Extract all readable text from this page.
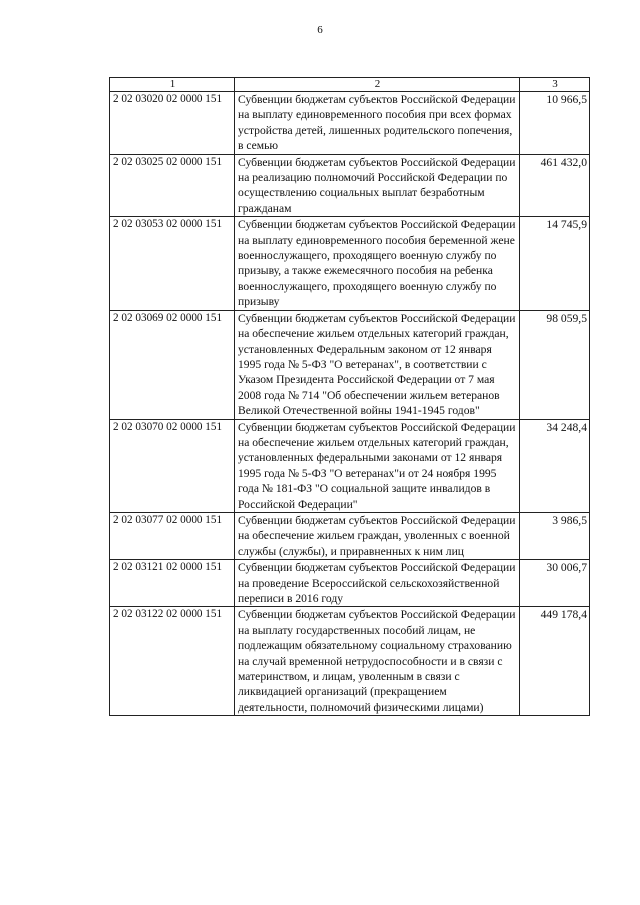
6
1	2	3
2 02 03020 02 0000 151	Субвенции бюджетам субъектов Российской Федерации на выплату единовременного пособия при всех формах устройства детей, лишенных родительского попечения, в семью	10 966,5
2 02 03025 02 0000 151	Субвенции бюджетам субъектов Российской Федерации на реализацию полномочий Российской Федерации по осуществлению социальных выплат безработным гражданам	461 432,0
2 02 03053 02 0000 151	Субвенции бюджетам субъектов Российской Федерации на выплату единовременного пособия беременной жене военнослужащего, проходящего военную службу по призыву, а также ежемесячного пособия на ребенка военнослужащего, проходящего военную службу по призыву	14 745,9
2 02 03069 02 0000 151	Субвенции бюджетам субъектов Российской Федерации на обеспечение жильем отдельных категорий граждан, установленных Федеральным законом от 12 января 1995 года № 5-ФЗ "О ветеранах", в соответствии с Указом Президента Российской Федерации от 7 мая 2008 года № 714 "Об обеспечении жильем ветеранов Великой Отечественной войны 1941-1945 годов"	98 059,5
2 02 03070 02 0000 151	Субвенции бюджетам субъектов Российской Федерации на обеспечение жильем отдельных категорий граждан, установленных федеральными законами от 12 января 1995 года № 5-ФЗ "О ветеранах"и от 24 ноября 1995 года № 181-ФЗ "О социальной защите инвалидов в Российской Федерации"	34 248,4
2 02 03077 02 0000 151	Субвенции бюджетам субъектов Российской Федерации на обеспечение жильем граждан, уволенных с военной службы (службы), и приравненных к ним лиц	3 986,5
2 02 03121 02 0000 151	Субвенции бюджетам субъектов Российской Федерации на проведение Всероссийской сельскохозяйственной переписи в 2016 году	30 006,7
2 02 03122 02 0000 151	Субвенции бюджетам субъектов Российской Федерации на выплату государственных пособий лицам, не подлежащим обязательному социальному страхованию на случай временной нетрудоспособности и в связи с материнством, и лицам, уволенным в связи с ликвидацией организаций (прекращением деятельности, полномочий физическими лицами)	449 178,4
